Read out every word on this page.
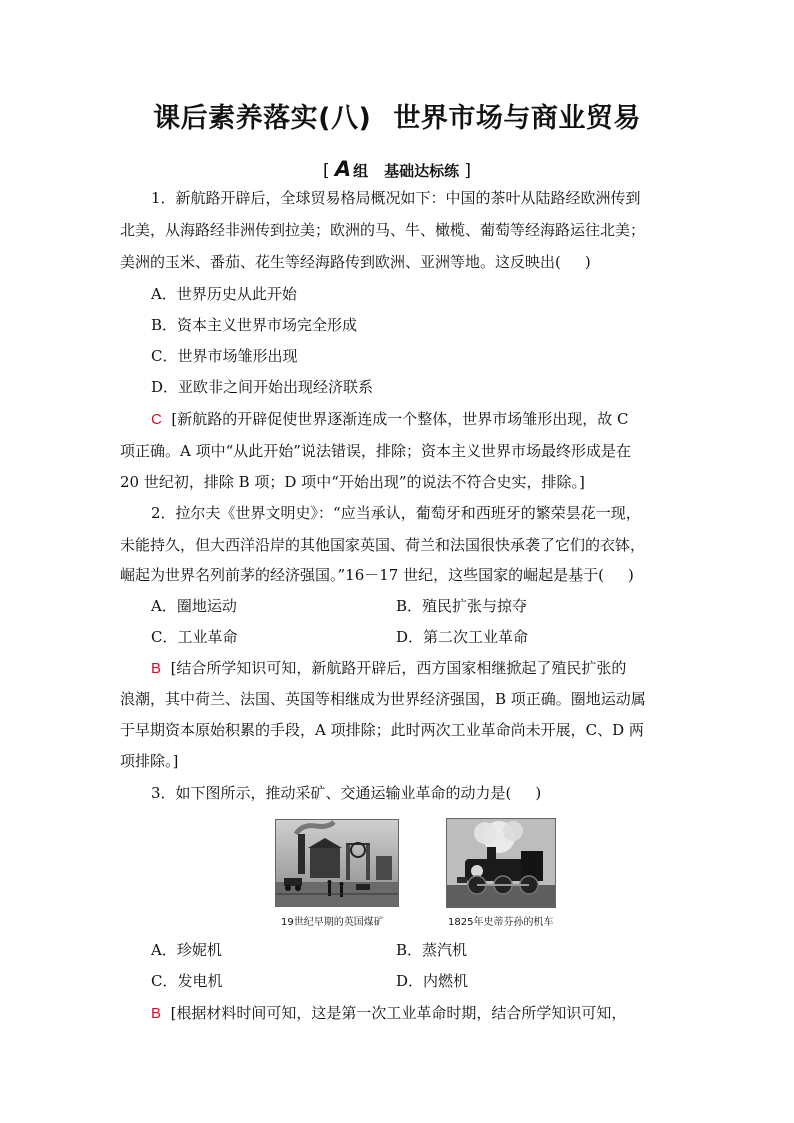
课后素养落实(八) 世界市场与商业贸易
[ A 组 基础达标练 ]
1．新航路开辟后，全球贸易格局概况如下：中国的茶叶从陆路经欧洲传到
北美，从海路经非洲传到拉美；欧洲的马、牛、橄榄、葡萄等经海路运往北美；
美洲的玉米、番茄、花生等经海路传到欧洲、亚洲等地。这反映出( )
A．世界历史从此开始
B．资本主义世界市场完全形成
C．世界市场雏形出现
D．亚欧非之间开始出现经济联系
C [新航路的开辟促使世界逐渐连成一个整体，世界市场雏形出现，故 C
项正确。A 项中“从此开始”说法错误，排除；资本主义世界市场最终形成是在
20 世纪初，排除 B 项；D 项中“开始出现”的说法不符合史实，排除。]
2．拉尔夫《世界文明史》：“应当承认，葡萄牙和西班牙的繁荣昙花一现，
未能持久，但大西洋沿岸的其他国家英国、荷兰和法国很快承袭了它们的衣钵，
崛起为世界名列前茅的经济强国。”16－17 世纪，这些国家的崛起是基于( )
A．圈地运动	B．殖民扩张与掠夺
C．工业革命	D．第二次工业革命
B [结合所学知识可知，新航路开辟后，西方国家相继掀起了殖民扩张的
浪潮，其中荷兰、法国、英国等相继成为世界经济强国，B 项正确。圈地运动属
于早期资本原始积累的手段，A 项排除；此时两次工业革命尚未开展，C、D 两
项排除。]
3．如下图所示，推动采矿、交通运输业革命的动力是( )
19世纪早期的英国煤矿	1825年史蒂芬孙的机车
A．珍妮机	B．蒸汽机
C．发电机	D．内燃机
B [根据材料时间可知，这是第一次工业革命时期，结合所学知识可知，
